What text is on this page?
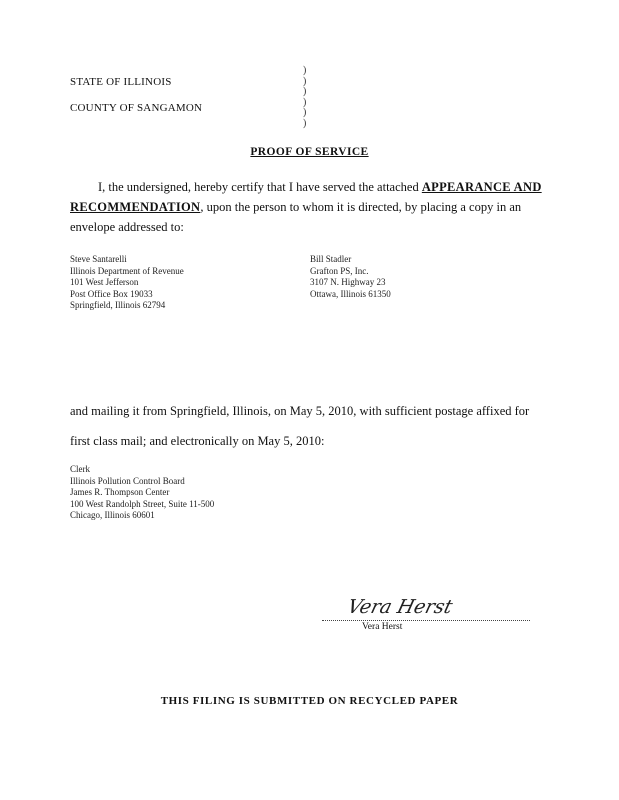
STATE OF ILLINOIS
COUNTY OF SANGAMON
)
)
)
)
)
)
PROOF OF SERVICE
I, the undersigned, hereby certify that I have served the attached APPEARANCE AND
RECOMMENDATION, upon the person to whom it is directed, by placing a copy in an
envelope addressed to:
Steve Santarelli
Illinois Department of Revenue
101 West Jefferson
Post Office Box 19033
Springfield, Illinois 62794
Bill Stadler
Grafton PS, Inc.
3107 N. Highway 23
Ottawa, Illinois 61350
and mailing it from Springfield, Illinois, on May 5, 2010, with sufficient postage affixed for
first class mail; and electronically on May 5, 2010:
Clerk
Illinois Pollution Control Board
James R. Thompson Center
100 West Randolph Street, Suite 11-500
Chicago, Illinois 60601
Vera Herst
Vera Herst
THIS FILING IS SUBMITTED ON RECYCLED PAPER
